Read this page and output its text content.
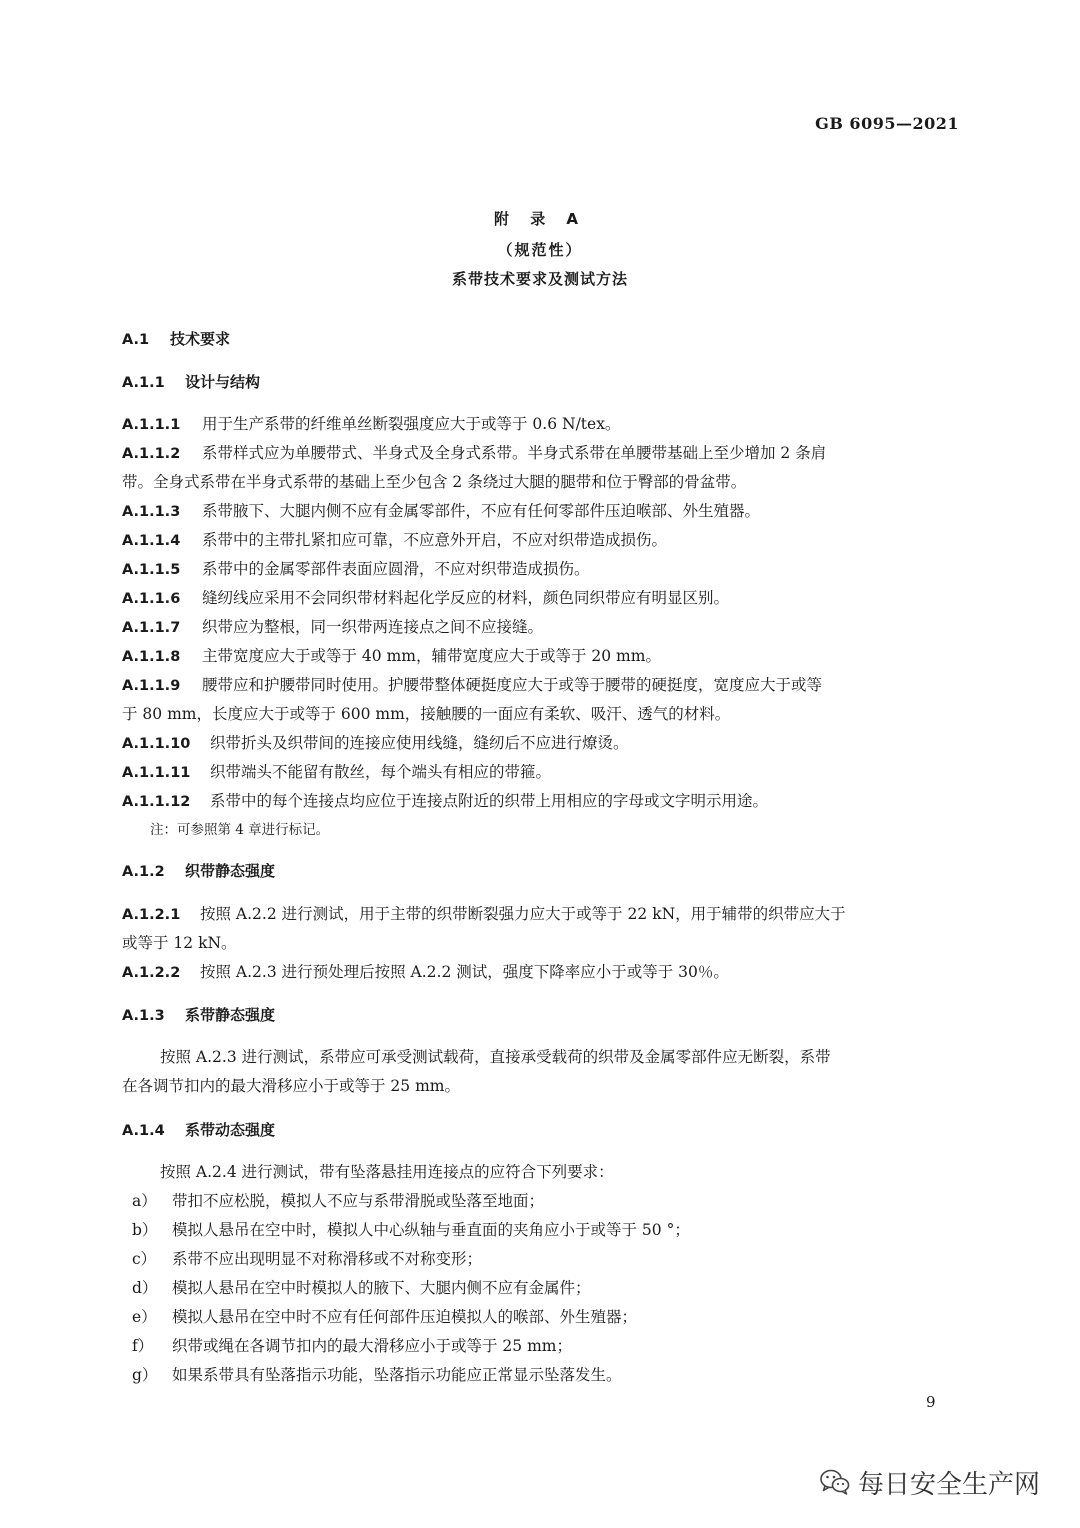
GB 6095—2021
附 录 A
（规范性）
系带技术要求及测试方法
A.1 技术要求
A.1.1 设计与结构
A.1.1.1 用于生产系带的纤维单丝断裂强度应大于或等于 0.6 N/tex。
A.1.1.2 系带样式应为单腰带式、半身式及全身式系带。半身式系带在单腰带基础上至少增加 2 条肩
带。全身式系带在半身式系带的基础上至少包含 2 条绕过大腿的腿带和位于臀部的骨盆带。
A.1.1.3 系带腋下、大腿内侧不应有金属零部件，不应有任何零部件压迫喉部、外生殖器。
A.1.1.4 系带中的主带扎紧扣应可靠，不应意外开启，不应对织带造成损伤。
A.1.1.5 系带中的金属零部件表面应圆滑，不应对织带造成损伤。
A.1.1.6 缝纫线应采用不会同织带材料起化学反应的材料，颜色同织带应有明显区别。
A.1.1.7 织带应为整根，同一织带两连接点之间不应接缝。
A.1.1.8 主带宽度应大于或等于 40 mm，辅带宽度应大于或等于 20 mm。
A.1.1.9 腰带应和护腰带同时使用。护腰带整体硬挺度应大于或等于腰带的硬挺度，宽度应大于或等
于 80 mm，长度应大于或等于 600 mm，接触腰的一面应有柔软、吸汗、透气的材料。
A.1.1.10 织带折头及织带间的连接应使用线缝，缝纫后不应进行燎烫。
A.1.1.11 织带端头不能留有散丝，每个端头有相应的带箍。
A.1.1.12 系带中的每个连接点均应位于连接点附近的织带上用相应的字母或文字明示用途。
注：可参照第 4 章进行标记。
A.1.2 织带静态强度
A.1.2.1 按照 A.2.2 进行测试，用于主带的织带断裂强力应大于或等于 22 kN，用于辅带的织带应大于
或等于 12 kN。
A.1.2.2 按照 A.2.3 进行预处理后按照 A.2.2 测试，强度下降率应小于或等于 30％。
A.1.3 系带静态强度
按照 A.2.3 进行测试，系带应可承受测试载荷，直接承受载荷的织带及金属零部件应无断裂，系带
在各调节扣内的最大滑移应小于或等于 25 mm。
A.1.4 系带动态强度
按照 A.2.4 进行测试，带有坠落悬挂用连接点的应符合下列要求：
a） 带扣不应松脱，模拟人不应与系带滑脱或坠落至地面；
b） 模拟人悬吊在空中时，模拟人中心纵轴与垂直面的夹角应小于或等于 50 °；
c） 系带不应出现明显不对称滑移或不对称变形；
d） 模拟人悬吊在空中时模拟人的腋下、大腿内侧不应有金属件；
e） 模拟人悬吊在空中时不应有任何部件压迫模拟人的喉部、外生殖器；
f） 织带或绳在各调节扣内的最大滑移应小于或等于 25 mm；
g） 如果系带具有坠落指示功能，坠落指示功能应正常显示坠落发生。
9
每日安全生产网
